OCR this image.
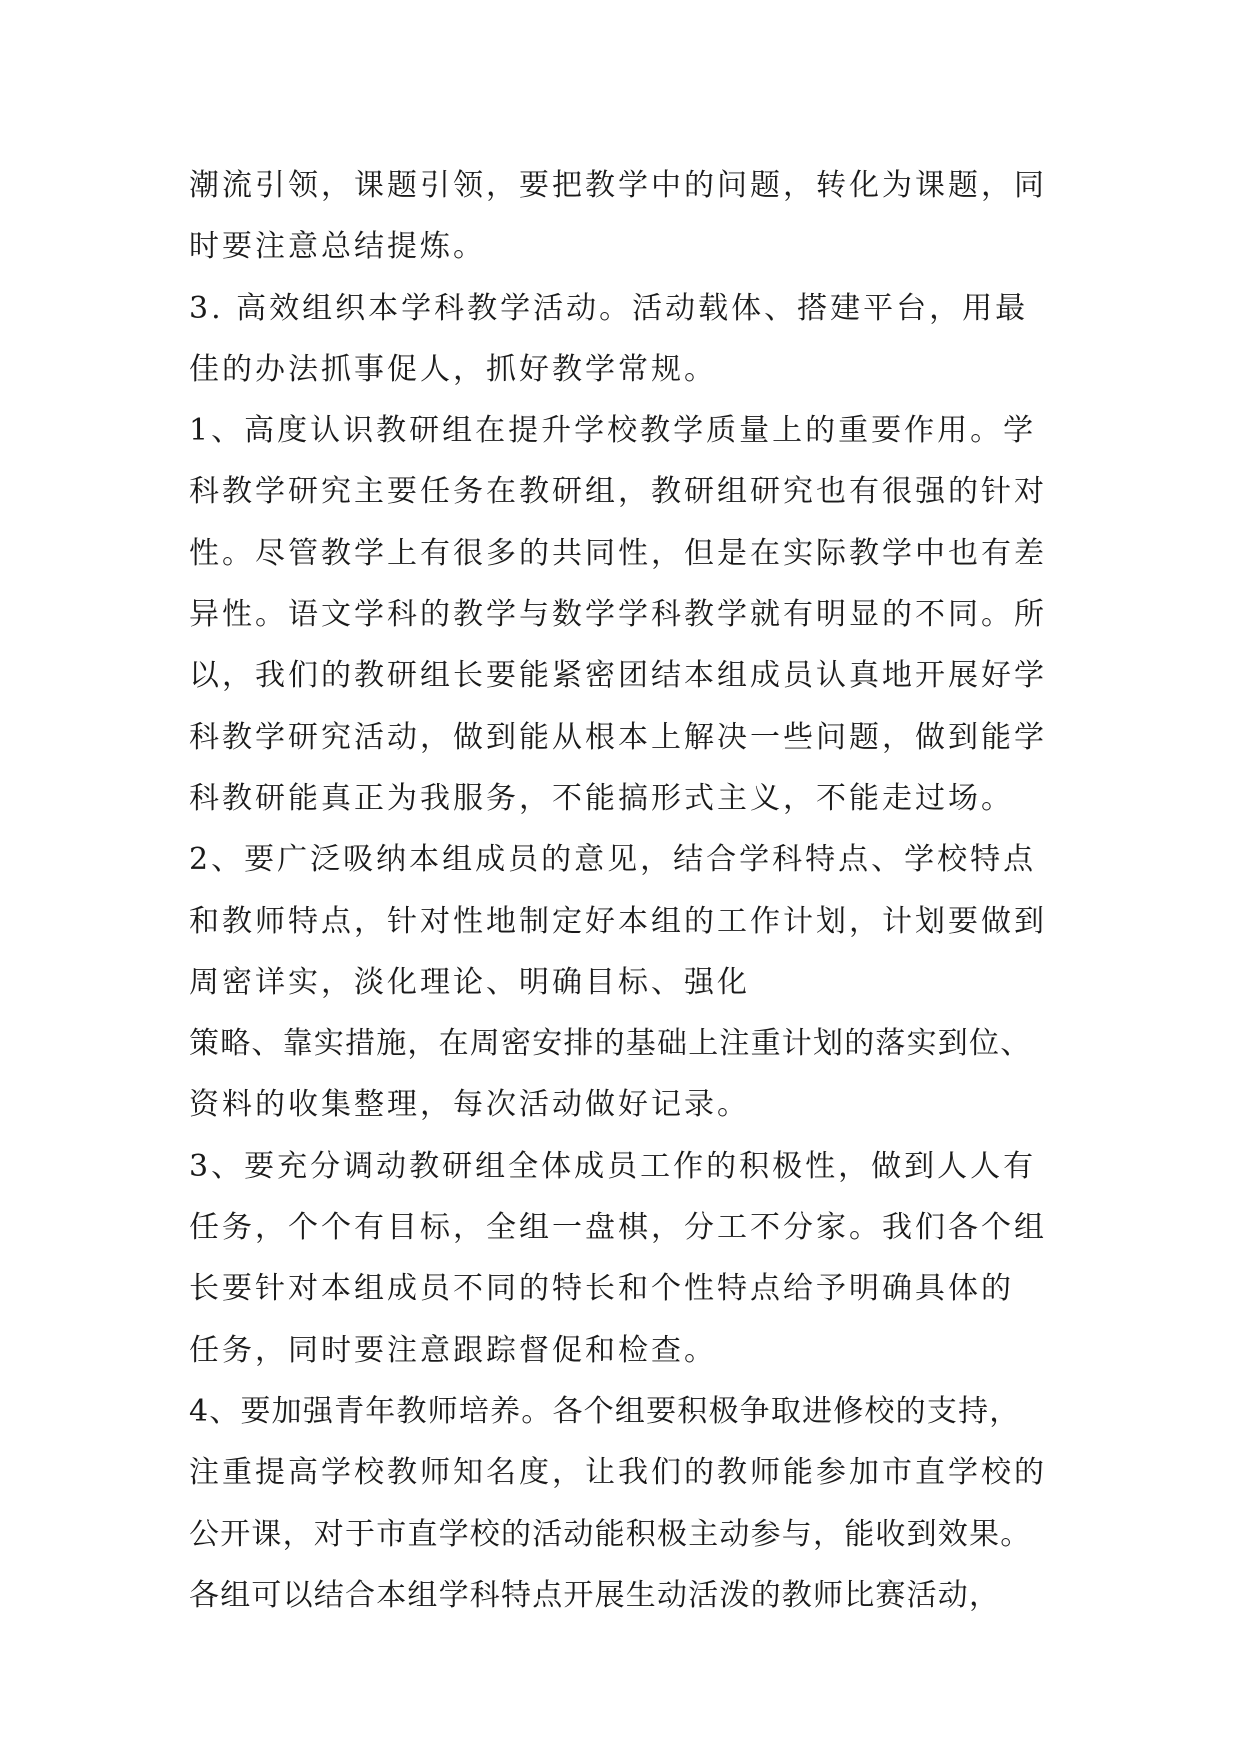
潮流引领，课题引领，要把教学中的问题，转化为课题，同
时要注意总结提炼。
3. 高效组织本学科教学活动。活动载体、搭建平台，用最
佳的办法抓事促人，抓好教学常规。
1、高度认识教研组在提升学校教学质量上的重要作用。学
科教学研究主要任务在教研组，教研组研究也有很强的针对
性。尽管教学上有很多的共同性，但是在实际教学中也有差
异性。语文学科的教学与数学学科教学就有明显的不同。所
以，我们的教研组长要能紧密团结本组成员认真地开展好学
科教学研究活动，做到能从根本上解决一些问题，做到能学
科教研能真正为我服务，不能搞形式主义，不能走过场。
2、要广泛吸纳本组成员的意见，结合学科特点、学校特点
和教师特点，针对性地制定好本组的工作计划，计划要做到
周密详实，淡化理论、明确目标、强化
策略、靠实措施，在周密安排的基础上注重计划的落实到位、
资料的收集整理，每次活动做好记录。
3、要充分调动教研组全体成员工作的积极性，做到人人有
任务，个个有目标，全组一盘棋，分工不分家。我们各个组
长要针对本组成员不同的特长和个性特点给予明确具体的
任务，同时要注意跟踪督促和检查。
4、要加强青年教师培养。各个组要积极争取进修校的支持，
注重提高学校教师知名度，让我们的教师能参加市直学校的
公开课，对于市直学校的活动能积极主动参与，能收到效果。
各组可以结合本组学科特点开展生动活泼的教师比赛活动，
